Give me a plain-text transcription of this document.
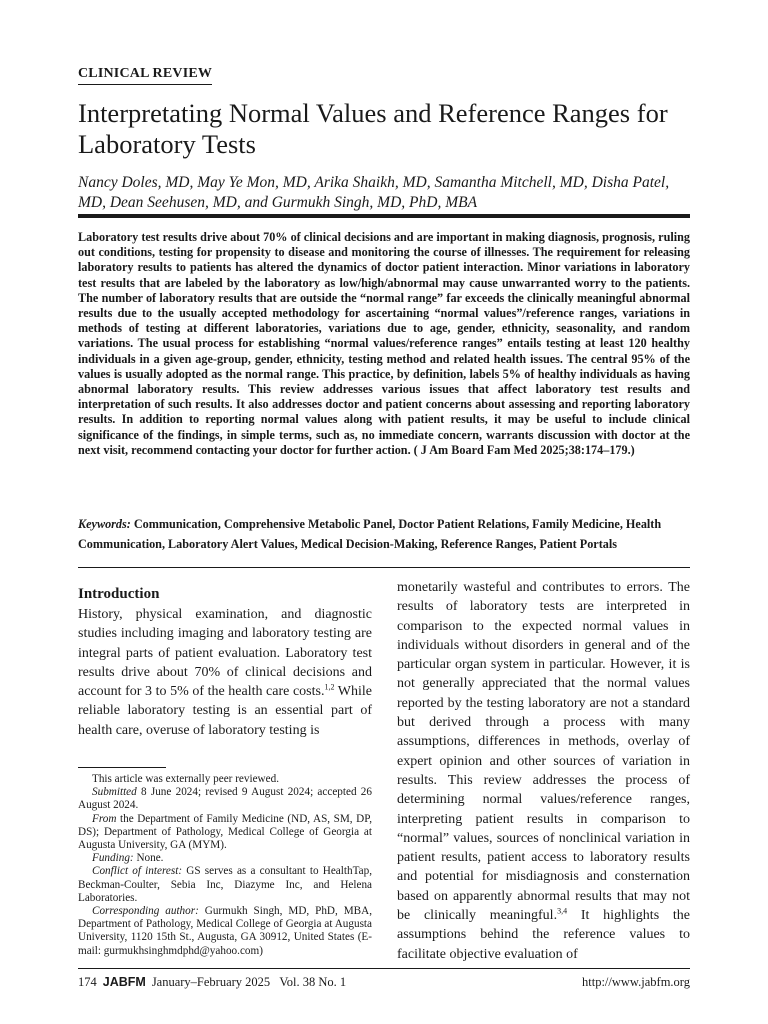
CLINICAL REVIEW
Interpretating Normal Values and Reference Ranges for Laboratory Tests
Nancy Doles, MD, May Ye Mon, MD, Arika Shaikh, MD, Samantha Mitchell, MD, Disha Patel, MD, Dean Seehusen, MD, and Gurmukh Singh, MD, PhD, MBA

Laboratory test results drive about 70% of clinical decisions and are important in making diagnosis, prognosis, ruling out conditions, testing for propensity to disease and monitoring the course of illnesses. The requirement for releasing laboratory results to patients has altered the dynamics of doctor patient interaction. Minor variations in laboratory test results that are labeled by the laboratory as low/high/abnormal may cause unwarranted worry to the patients. The number of laboratory results that are outside the “normal range” far exceeds the clinically meaningful abnormal results due to the usually accepted methodology for ascertaining “normal values”/reference ranges, variations in methods of testing at different laboratories, variations due to age, gender, ethnicity, seasonality, and random variations. The usual process for establishing “normal values/reference ranges” entails testing at least 120 healthy individuals in a given age-group, gender, ethnicity, testing method and related health issues. The central 95% of the values is usually adopted as the normal range. This practice, by definition, labels 5% of healthy individuals as having abnormal laboratory results. This review addresses various issues that affect laboratory test results and interpretation of such results. It also addresses doctor and patient concerns about assessing and reporting laboratory results. In addition to reporting normal values along with patient results, it may be useful to include clinical significance of the findings, in simple terms, such as, no immediate concern, warrants discussion with doctor at the next visit, recommend contacting your doctor for further action. ( J Am Board Fam Med 2025;38:174–179.)

Keywords: Communication, Comprehensive Metabolic Panel, Doctor Patient Relations, Family Medicine, Health Communication, Laboratory Alert Values, Medical Decision-Making, Reference Ranges, Patient Portals

Introduction

History, physical examination, and diagnostic studies including imaging and laboratory testing are integral parts of patient evaluation. Laboratory test results drive about 70% of clinical decisions and account for 3 to 5% of the health care costs.$^{1,2}$ While reliable laboratory testing is an essential part of health care, overuse of laboratory testing is

monetarily wasteful and contributes to errors. The results of laboratory tests are interpreted in comparison to the expected normal values in individuals without disorders in general and of the particular organ system in particular. However, it is not generally appreciated that the normal values reported by the testing laboratory are not a standard but derived through a process with many assumptions, differences in methods, overlay of expert opinion and other sources of variation in results. This review addresses the process of determining normal values/reference ranges, interpreting patient results in comparison to “normal” values, sources of nonclinical variation in patient results, patient access to laboratory results and potential for misdiagnosis and consternation based on apparently abnormal results that may not be clinically meaningful.$^{3,4}$ It highlights the assumptions behind the reference values to facilitate objective evaluation of

This article was externally peer reviewed.

Submitted 8 June 2024; revised 9 August 2024; accepted 26 August 2024.

From the Department of Family Medicine (ND, AS, SM, DP, DS); Department of Pathology, Medical College of Georgia at Augusta University, GA (MYM).

Funding: None.

Conflict of interest: GS serves as a consultant to HealthTap, Beckman-Coulter, Sebia Inc, Diazyme Inc, and Helena Laboratories.

Corresponding author: Gurmukh Singh, MD, PhD, MBA, Department of Pathology, Medical College of Georgia at Augusta University, 1120 15th St., Augusta, GA 30912, United States (E-mail: gurmukhsinghmdphd@yahoo.com)

174 JABFM January–February 2025   Vol. 38 No. 1	http://www.jabfm.org
